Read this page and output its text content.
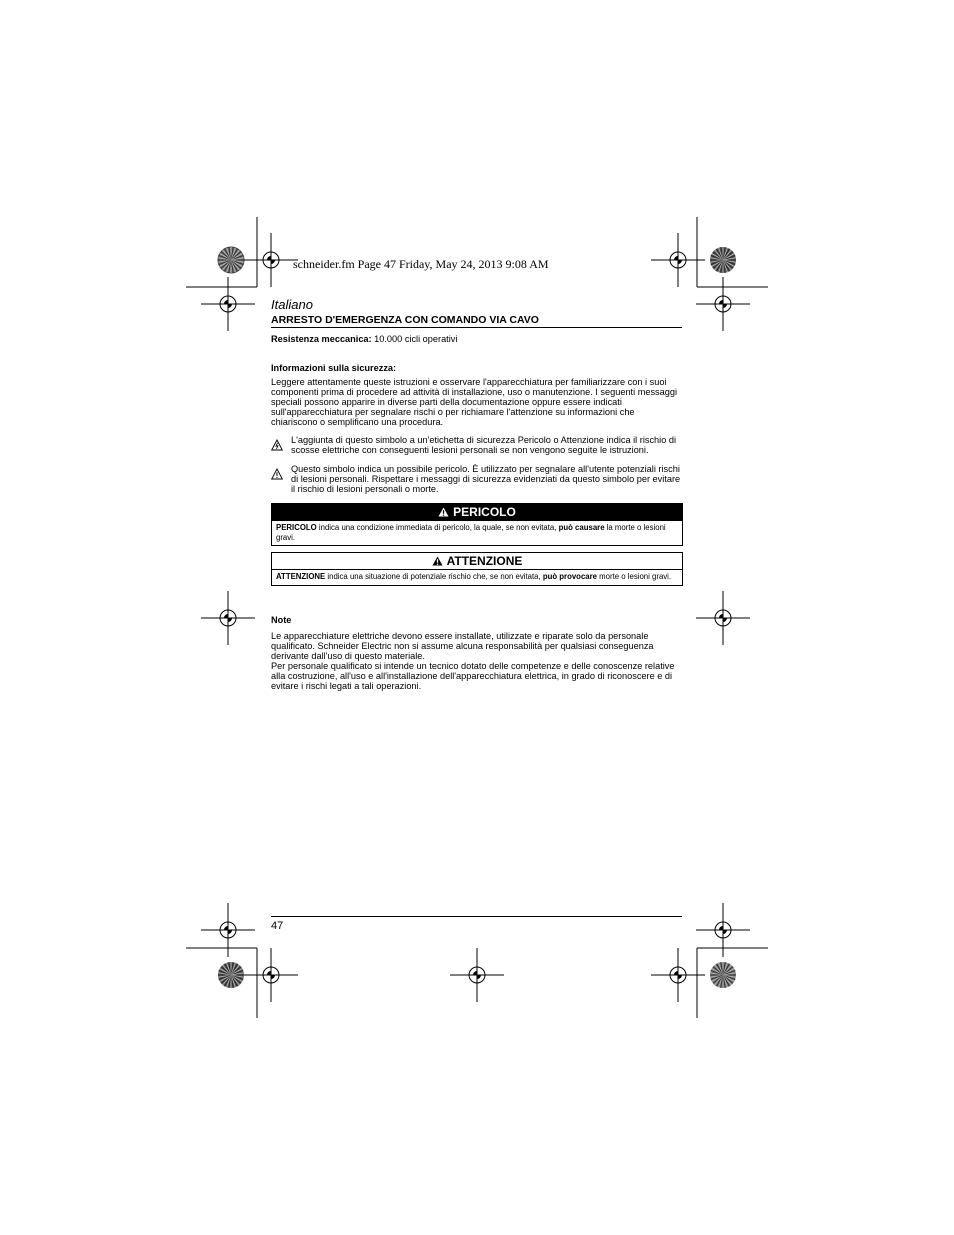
schneider.fm Page 47 Friday, May 24, 2013 9:08 AM
Italiano
ARRESTO D'EMERGENZA CON COMANDO VIA CAVO
Resistenza meccanica: 10.000 cicli operativi
Informazioni sulla sicurezza:
Leggere attentamente queste istruzioni e osservare l'apparecchiatura per familiarizzare con i suoi componenti prima di procedere ad attività di installazione, uso o manutenzione. I seguenti messaggi speciali possono apparire in diverse parti della documentazione oppure essere indicati sull'apparecchiatura per segnalare rischi o per richiamare l'attenzione su informazioni che chiariscono o semplificano una procedura.
L'aggiunta di questo simbolo a un'etichetta di sicurezza Pericolo o Attenzione indica il rischio di scosse elettriche con conseguenti lesioni personali se non vengono seguite le istruzioni.
Questo simbolo indica un possibile pericolo. È utilizzato per segnalare all'utente potenziali rischi di lesioni personali. Rispettare i messaggi di sicurezza evidenziati da questo simbolo per evitare il rischio di lesioni personali o morte.
PERICOLO
PERICOLO indica una condizione immediata di pericolo, la quale, se non evitata, può causare la morte o lesioni gravi.
ATTENZIONE
ATTENZIONE indica una situazione di potenziale rischio che, se non evitata, può provocare morte o lesioni gravi.
Note
Le apparecchiature elettriche devono essere installate, utilizzate e riparate solo da personale qualificato. Schneider Electric non si assume alcuna responsabilità per qualsiasi conseguenza derivante dall'uso di questo materiale.
Per personale qualificato si intende un tecnico dotato delle competenze e delle conoscenze relative alla costruzione, all'uso e all'installazione dell'apparecchiatura elettrica, in grado di riconoscere e di evitare i rischi legati a tali operazioni.
47
